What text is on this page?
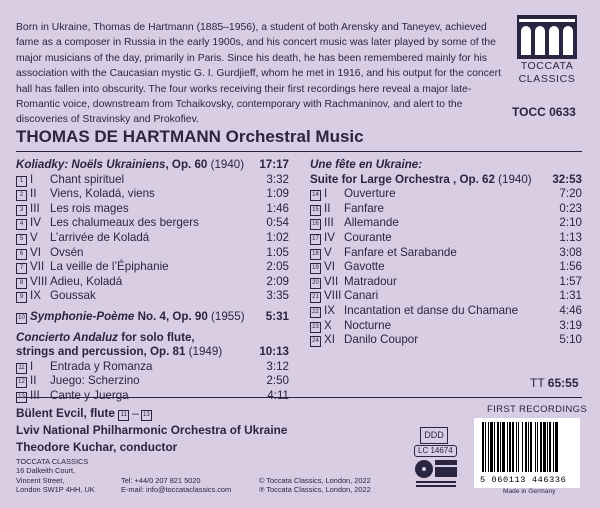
Born in Ukraine, Thomas de Hartmann (1885–1956), a student of both Arensky and Taneyev, achieved fame as a composer in Russia in the early 1900s, and his concert music was later played by some of the major musicians of the day, primarily in Paris. Since his death, he has been remembered mainly for his association with the Caucasian mystic G. I. Gurdjieff, whom he met in 1916, and his output for the concert hall has fallen into obscurity. The four works receiving their first recordings here reveal a major late-Romantic voice, downstream from Tchaikovsky, contemporary with Rachmaninov, and alert to the discoveries of Stravinsky and Prokofiev.
TOCCATA
CLASSICS
TOCC 0633
THOMAS DE HARTMANN Orchestral Music
Koliadky: Noëls Ukrainiens, Op. 60 (1940) 17:17
1 I Chant spirituel	3:32
2 II Viens, Koladá, viens	1:09
3 III Les rois mages	1:46
4 IV Les chalumeaux des bergers	0:54
5 V L’arrivée de Koladá	1:02
6 VI Ovsén	1:05
7 VII La veille de l’Épiphanie	2:05
8 VIII Adieu, Koladá	2:09
9 IX Goussak	3:35
10 Symphonie-Poème No. 4, Op. 90 (1955) 5:31
Concierto Andaluz for solo flute,
strings and percussion, Op. 81 (1949)	10:13
11 I Entrada y Romanza	3:12
12 II Juego: Scherzino	2:50
13 III Cante y Juerga	4:11
Une fête en Ukraine:
Suite for Large Orchestra , Op. 62 (1940) 32:53
14 I Ouverture	7:20
15 II Fanfare	0:23
16 III Allemande	2:10
17 IV Courante	1:13
18 V Fanfare et Sarabande	3:08
19 VI Gavotte	1:56
20 VII Matradour	1:57
21 VIII Canari	1:31
22 IX Incantation et danse du Chamane	4:46
23 X Nocturne	3:19
24 XI Danilo Coupor	5:10
TT 65:55
Bülent Evcil, flute 11 – 13
Lviv National Philharmonic Orchestra of Ukraine
Theodore Kuchar, conductor
FIRST RECORDINGS
TOCCATA CLASSICS
16 Dalkeith Court,
Vincent Street,
London SW1P 4HH, UK
Tel: +44/0 207 821 5020
E-mail: info@toccataclassics.com
© Toccata Classics, London, 2022
℗ Toccata Classics, London, 2022
DDD
LC 14674
5 060113 446336
Made in Germany
